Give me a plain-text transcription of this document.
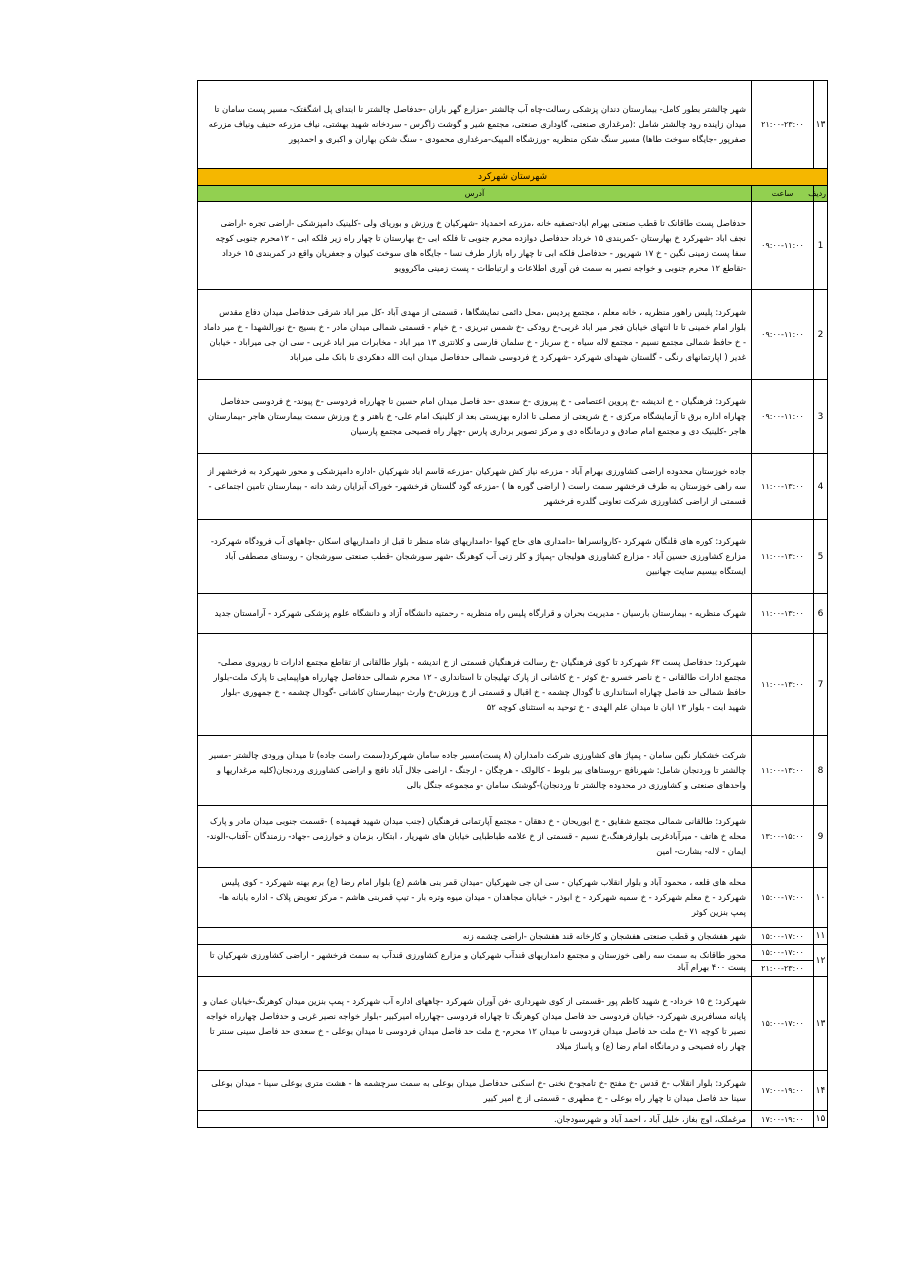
۱۳	۲۱:۰۰-۲۳:۰۰	شهر چالشتر بطور کامل- بیمارستان دندان پزشکی رسالت-چاه آب چالشتر -مزارع گهر باران -حدفاصل چالشتر تا ابتدای پل اشگفتک- مسیر پست سامان تا میدان زاینده رود چالشتر شامل :(مرغداری صنعتی، گاوداری صنعتی، مجتمع شیر و گوشت زاگرس - سردخانه شهید بهشتی، نیاف مزرعه حنیف ونیاف مزرعه صفرپور -جایگاه سوخت طاها) مسیر سنگ شکن منظریه -ورزشگاه المپیک-مرغداری محمودی - سنگ شکن بهاران و اکبری و احمدپور
شهرستان شهرکرد		
ردیف	ساعت	آدرس
1	۰۹:۰۰-۱۱:۰۰	حدفاصل پست طاقانک تا قطب صنعتی بهرام اباد-تصفیه خانه ،مزرعه احمدیاد -شهرکیان خ ورزش و بوریای ولی -کلینیک دامپزشکی -اراضی تجره -اراضی نجف اباد -شهرکرد خ بهارستان -کمربندی ۱۵ خرداد حدفاصل دوازده محرم جنوبی تا فلکه ابی -خ بهارستان تا چهار راه زیر فلکه ابی - ۱۲محرم جنوبی کوچه سفا پست زمینی نگین - خ ۱۷ شهریور - حدفاصل فلکه ابی تا چهار راه بازار طرف نسا - جایگاه های سوخت کیوان و جعفریان واقع در کمربندی ۱۵ خرداد -تقاطع ۱۲ محرم جنوبی و خواجه نصیر به سمت فن آوری اطلاعات و ارتباطات - پست زمینی ماکروویو
2	۰۹:۰۰-۱۱:۰۰	شهرکرد: پلیس راهور منظریه ، خانه معلم ، مجتمع پردیس ،محل دائمی نمایشگاها ، قسمتی از مهدی آباد -کل میر اباد شرقی حدفاصل میدان دفاع مقدس بلوار امام خمینی تا تا انتهای خیابان فجر میر اباد غربی-خ رودکی -خ شمس تبریزی - خ خیام - قسمتی شمالی میدان مادر - خ بسیج -خ نورالشهدا - خ میر داماد - خ حافظ شمالی مجتمع نسیم - مجتمع لاله سیاه - خ سرباز - خ سلمان فارسی و کلانتری ۱۳ میر اباد - مخابرات میر اباد غربی - سی ان جی میراباد - خیابان غدیر ( اپارتمانهای رنگی - گلستان شهدای شهرکرد -شهرکرد خ فردوسی شمالی حدفاصل میدان ابت الله دهکردی تا بانک ملی میراباد
3	۰۹:۰۰-۱۱:۰۰	شهرکرد: فرهنگیان - خ اندیشه -خ پروین اعتصامی - خ پیروزی -خ سعدی -حد فاصل میدان امام حسین تا چهارراه فردوسی -خ پیوند- خ فردوسی حدفاصل چهاراه اداره برق تا آزمایشگاه مرکزی - خ شریعتی از مصلی تا اداره بهزیستی بعد از کلینیک امام علی- خ باهنر و خ ورزش سمت بیمارستان هاجر -بیمارستان هاجر -کلینیک دی و مجتمع امام صادق و درمانگاه دی و مرکز تصویر برداری پارس -چهار راه فصیحی مجتمع پارسیان
4	۱۱:۰۰-۱۳:۰۰	جاده خوزستان محدوده اراضی کشاورزی بهرام آباد - مزرعه نیاز کش شهرکیان -مزرعه قاسم اباد شهرکیان -اداره دامپزشکی و محور شهرکرد به فرخشهر از سه راهی خوزستان به طرف فرخشهر سمت راست ( اراضی گوره ها ) -مزرعه گود گلستان فرخشهر- خوراک آبزایان رشد دانه - بیمارستان تامین اجتماعی - قسمتی از اراضی کشاورزی شرکت تعاونی گلدره فرخشهر
5	۱۱:۰۰-۱۳:۰۰	شهرکرد: کوره های قلنگان شهرکرد -کاروانسراها -دامداری های حاج کهوا -دامداریهای شاه منظر تا قبل از دامداریهای اسکان -چاههای آب فرودگاه شهرکرد- مزارع کشاورزی حسین آباد - مزارع کشاورزی هولیجان -پمپاژ و کلر زنی آب کوهرنگ -شهر سورشجان -قطب صنعتی سورشجان - روستای مصطفی آباد ایستگاه بیسیم سایت جهانبین
6	۱۱:۰۰-۱۳:۰۰	شهرک منظریه - بیمارستان بارسیان - مدیریت بحران و قرارگاه پلیس راه منظریه - رحمتیه دانشگاه آزاد و دانشگاه علوم پزشکی شهرکرد - آرامستان جدید
7	۱۱:۰۰-۱۳:۰۰	شهرکرد: حدفاصل پست ۶۳ شهرکرد تا کوی فرهنگیان -خ رسالت فرهنگیان قسمتی از خ اندیشه - بلوار طالقانی از تقاطع مجتمع ادارات تا رویروی مصلی- مجتمع ادارات طالقانی - خ ناصر خسرو -خ کوثر - خ کاشانی از پارک تهلیجان تا استانداری - ۱۲ محرم شمالی حدفاصل چهارراه هواپیمایی تا پارک ملت-بلوار حافظ شمالی حد فاصل چهاراه استانداری تا گودال چشمه - خ اقبال و قسمتی از خ ورزش-خ وارث -بیمارستان کاشانی -گودال چشمه - خ جمهوری -بلوار شهید ابت - بلوار ۱۳ ابان تا میدان علم الهدی - خ توحید به استثنای کوچه ۵۲
8	۱۱:۰۰-۱۳:۰۰	شرکت خشکبار نگین سامان - پمپاژ های کشاورزی شرکت دامداران (۸ پست)مسیر جاده سامان شهرکرد(سمت راست جاده) تا میدان ورودی چالشتر -مسیر چالشتر تا وردنجان شامل: شهرنافچ -روستاهای بیر بلوط - کالولک - هرچگان - ارجنگ - اراضی جلال آباد نافچ و اراضی کشاورزی وردنجان(کلیه مرغداریها و واحدهای صنعتی و کشاورزی در محدوده چالشتر تا وردنجان)-گوشنک سامان -و مجموعه جنگل بالی
9	۱۳:۰۰-۱۵:۰۰	شهرکرد: طالقانی شمالی مجتمع شقایق - خ ابوریحان - خ دهقان - مجتمع آپارتمانی فرهنگیان (جنب میدان شهید فهمیده ) -قسمت جنوبی میدان مادر و پارک محله خ هاتف - میرآبادغربی بلوارفرهنگ،خ نسیم - قسمتی از خ علامه طباطبایی خیابان های شهریار ، ابتکار، بزمان و خوارزمی -جهاد- رزمندگان -آفتاب-الوند- ایمان - لاله- بشارت- امین
۱۰	۱۵:۰۰-۱۷:۰۰	محله های قلعه ، محمود آباد و بلوار انقلاب شهرکیان - سی ان جی شهرکیان -میدان قمر بنی هاشم (ع) بلوار امام رضا (ع) برم بهنه شهرکرد - کوی پلیس شهرکرد - خ معلم شهرکرد - خ سمیه شهرکرد - خ ابوذر - خیابان مجاهدان - میدان میوه وتره بار - تیپ قمربنی هاشم - مرکز تعویض پلاک - اداره بابانه ها- پمپ بنزین کوثر
۱۱	۱۵:۰۰-۱۷:۰۰	شهر هفشجان و قطب صنعتی هفشجان و کارخانه قند هفشجان -اراضی چشمه زنه
۱۲	۱۵:۰۰-۱۷:۰۰	محور طاقانک به سمت سه راهی خوزستان و مجتمع دامداریهای قندآب شهرکیان و مزارع کشاورزی قندآب به سمت فرخشهر - اراضی کشاورزی شهرکیان تا پست ۴۰۰ بهرام آباد
	۲۱:۰۰-۲۳:۰۰	
۱۳	۱۵:۰۰-۱۷:۰۰	شهرکرد: خ ۱۵ خرداد- خ شهید کاظم پور -قسمتی از کوی شهرداری -فن آوران شهرکرد -چاههای اداره آب شهرکرد - پمپ بنزین میدان کوهرنگ-خیابان عمان و پایانه مسافربری شهرکرد- خیابان فردوسی حد فاصل میدان کوهرنگ تا چهاراه فردوسی -چهارراه امیرکبیر -بلوار خواجه نصیر غربی و حدفاصل چهارراه خواجه نصیر تا کوچه ۷۱ -خ ملت حد فاصل میدان فردوسی تا میدان ۱۲ محرم- خ ملت حد فاصل میدان فردوسی تا میدان بوعلی - خ سعدی حد فاصل سینی سنتر تا چهار راه فصیحی و درمانگاه امام رضا (ع) و پاساژ میلاد
۱۴	۱۷:۰۰-۱۹:۰۰	شهرکرد: بلوار انقلاب -خ قدس -خ مفتح -خ تامجو-خ نخنی -خ اسکنی حدفاصل میدان بوعلی به سمت سرچشمه ها - هشت متری بوعلی سینا - میدان بوعلی سینا حد فاصل میدان تا چهار راه بوعلی - خ مطهری - قسمتی از خ امیر کبیر
۱۵	۱۷:۰۰-۱۹:۰۰	مرغملک، اوج بغاز، خلیل آباد ، احمد آباد و شهرسودجان.
